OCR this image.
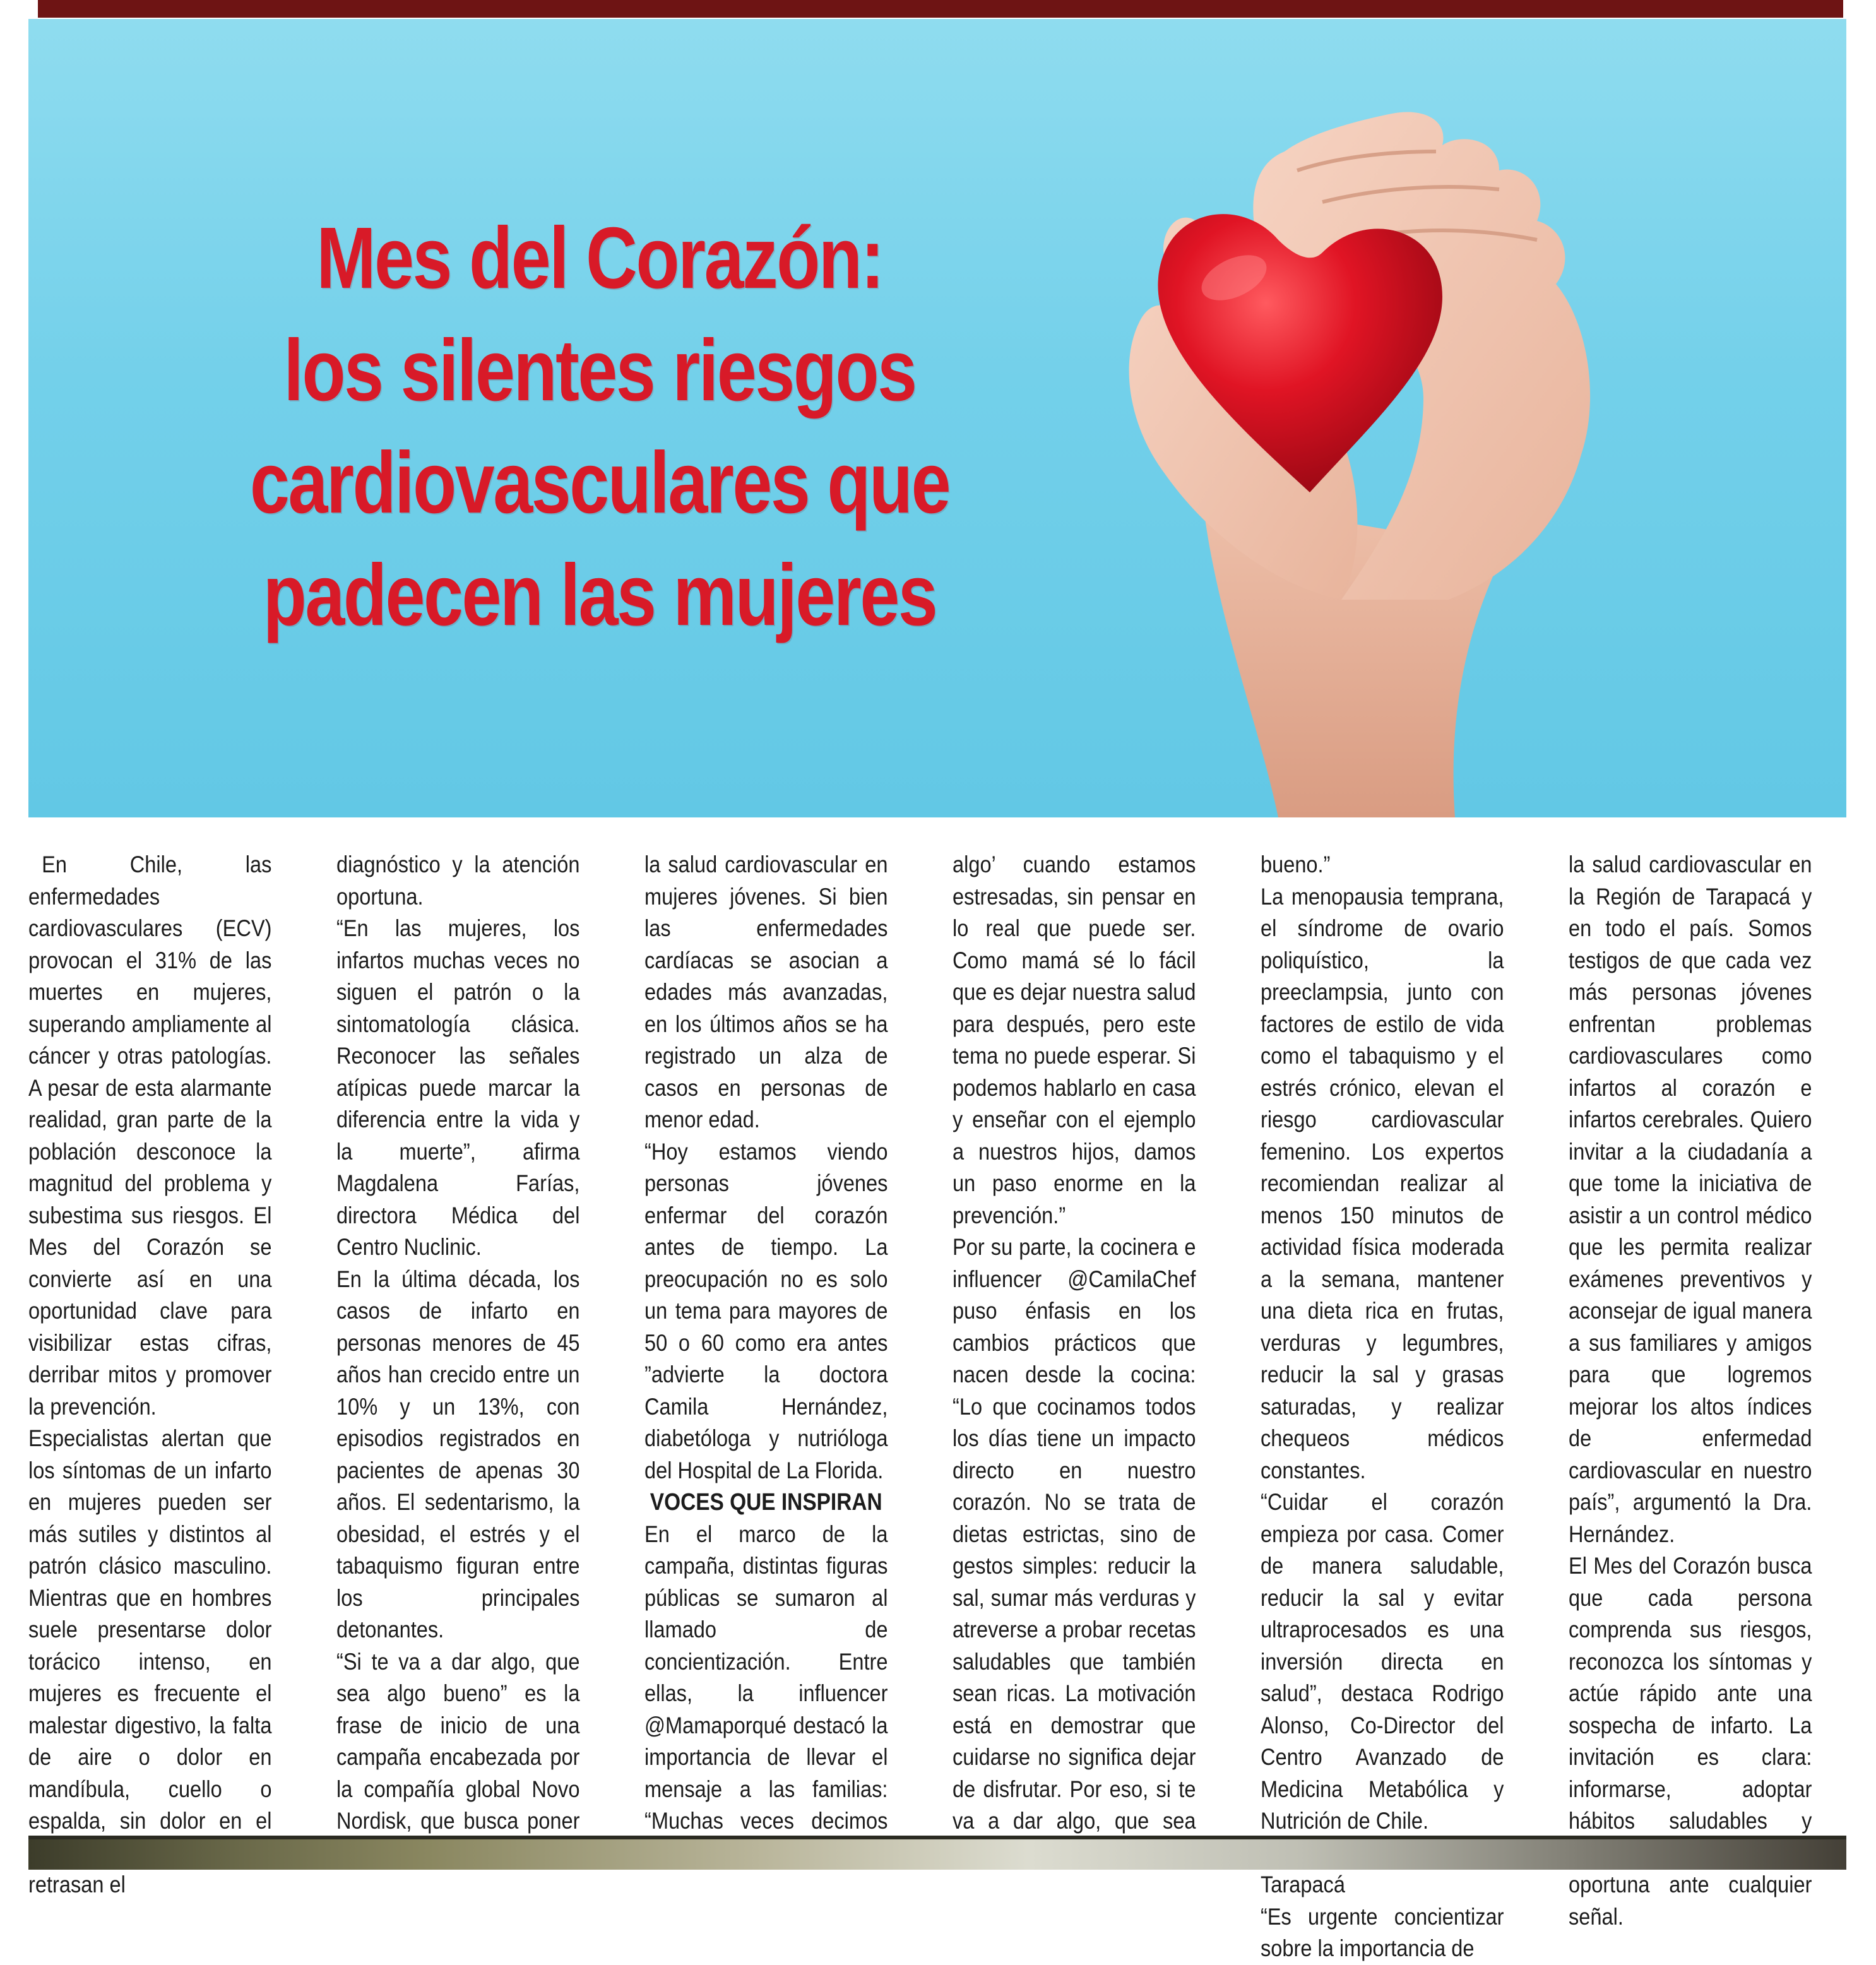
Mes del Corazón:
los silentes riesgos
cardiovasculares que
padecen las mujeres

En Chile, las enfermedades cardiovasculares (ECV) provocan el 31% de las muertes en mujeres, superando ampliamente al cáncer y otras patologías. A pesar de esta alarmante realidad, gran parte de la población desconoce la magnitud del problema y subestima sus riesgos. El Mes del Corazón se convierte así en una oportunidad clave para visibilizar estas cifras, derribar mitos y promover la prevención.

Especialistas alertan que los síntomas de un infarto en mujeres pueden ser más sutiles y distintos al patrón clásico masculino. Mientras que en hombres suele presentarse dolor torácico intenso, en mujeres es frecuente el malestar digestivo, la falta de aire o dolor en mandíbula, cuello o espalda, sin dolor en el retrasan el

diagnóstico y la atención oportuna.

“En las mujeres, los infartos muchas veces no siguen el patrón o la sintomatología clásica. Reconocer las señales atípicas puede marcar la diferencia entre la vida y la muerte”, afirma Magdalena Farías, directora Médica del Centro Nuclinic.

En la última década, los casos de infarto en personas menores de 45 años han crecido entre un 10% y un 13%, con episodios registrados en pacientes de apenas 30 años. El sedentarismo, la obesidad, el estrés y el tabaquismo figuran entre los principales detonantes.

“Si te va a dar algo, que sea algo bueno” es la frase de inicio de una campaña encabezada por la compañía global Novo Nordisk, que busca poner

la salud cardiovascular en mujeres jóvenes. Si bien las enfermedades cardíacas se asocian a edades más avanzadas, en los últimos años se ha registrado un alza de casos en personas de menor edad.

“Hoy estamos viendo personas jóvenes enfermar del corazón antes de tiempo. La preocupación no es solo un tema para mayores de 50 o 60 como era antes ”advierte la doctora Camila Hernández, diabetóloga y nutrióloga del Hospital de La Florida.

VOCES QUE INSPIRAN

En el marco de la campaña, distintas figuras públicas se sumaron al llamado de concientización. Entre ellas, la influencer @Mamaporqué destacó la importancia de llevar el mensaje a las familias: “Muchas veces decimos

algo’ cuando estamos estresadas, sin pensar en lo real que puede ser. Como mamá sé lo fácil que es dejar nuestra salud para después, pero este tema no puede esperar. Si podemos hablarlo en casa y enseñar con el ejemplo a nuestros hijos, damos un paso enorme en la prevención.”

Por su parte, la cocinera e influencer @CamilaChef puso énfasis en los cambios prácticos que nacen desde la cocina: “Lo que cocinamos todos los días tiene un impacto directo en nuestro corazón. No se trata de dietas estrictas, sino de gestos simples: reducir la sal, sumar más verduras y atreverse a probar recetas saludables que también sean ricas. La motivación está en demostrar que cuidarse no significa dejar de disfrutar. Por eso, si te va a dar algo, que sea

bueno.”

La menopausia temprana, el síndrome de ovario poliquístico, la preeclampsia, junto con factores de estilo de vida como el tabaquismo y el estrés crónico, elevan el riesgo cardiovascular femenino. Los expertos recomiendan realizar al menos 150 minutos de actividad física moderada a la semana, mantener una dieta rica en frutas, verduras y legumbres, reducir la sal y grasas saturadas, y realizar chequeos médicos constantes.

“Cuidar el corazón empieza por casa. Comer de manera saludable, reducir la sal y evitar ultraprocesados es una inversión directa en salud”, destaca Rodrigo Alonso, Co-Director del Centro Avanzado de Medicina Metabólica y Nutrición de Chile.

Tarapacá

“Es urgente concientizar sobre la importancia de

la salud cardiovascular en la Región de Tarapacá y en todo el país. Somos testigos de que cada vez más personas jóvenes enfrentan problemas cardiovasculares como infartos al corazón e infartos cerebrales. Quiero invitar a la ciudadanía a que tome la iniciativa de asistir a un control médico que les permita realizar exámenes preventivos y aconsejar de igual manera a sus familiares y amigos para que logremos mejorar los altos índices de enfermedad cardiovascular en nuestro país”, argumentó la Dra. Hernández.

El Mes del Corazón busca que cada persona comprenda sus riesgos, reconozca los síntomas y actúe rápido ante una sospecha de infarto. La invitación es clara: informarse, adoptar hábitos saludables y oportuna ante cualquier señal.
